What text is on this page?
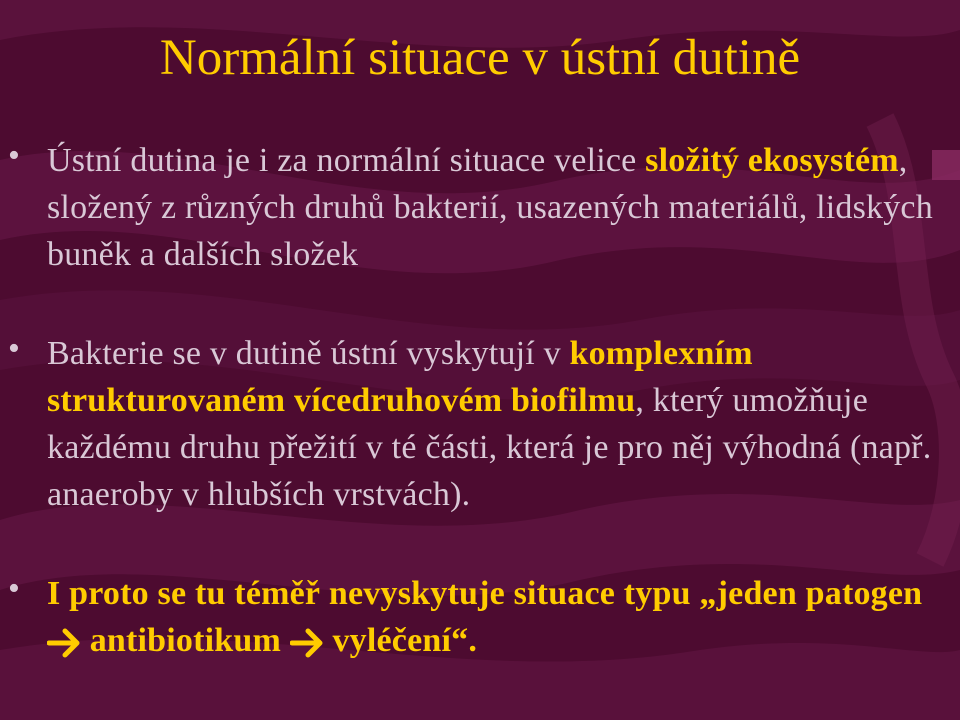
Normální situace v ústní dutině
• Ústní dutina je i za normální situace velice složitý ekosystém, složený z různých druhů bakterií, usazených materiálů, lidských buněk a dalších složek
• Bakterie se v dutině ústní vyskytují v komplexním strukturovaném vícedruhovém biofilmu, který umožňuje každému druhu přežití v té části, která je pro něj výhodná (např. anaeroby v hlubších vrstvách).
• I proto se tu téměř nevyskytuje situace typu „jeden patogen  antibiotikum  vyléčení“.
